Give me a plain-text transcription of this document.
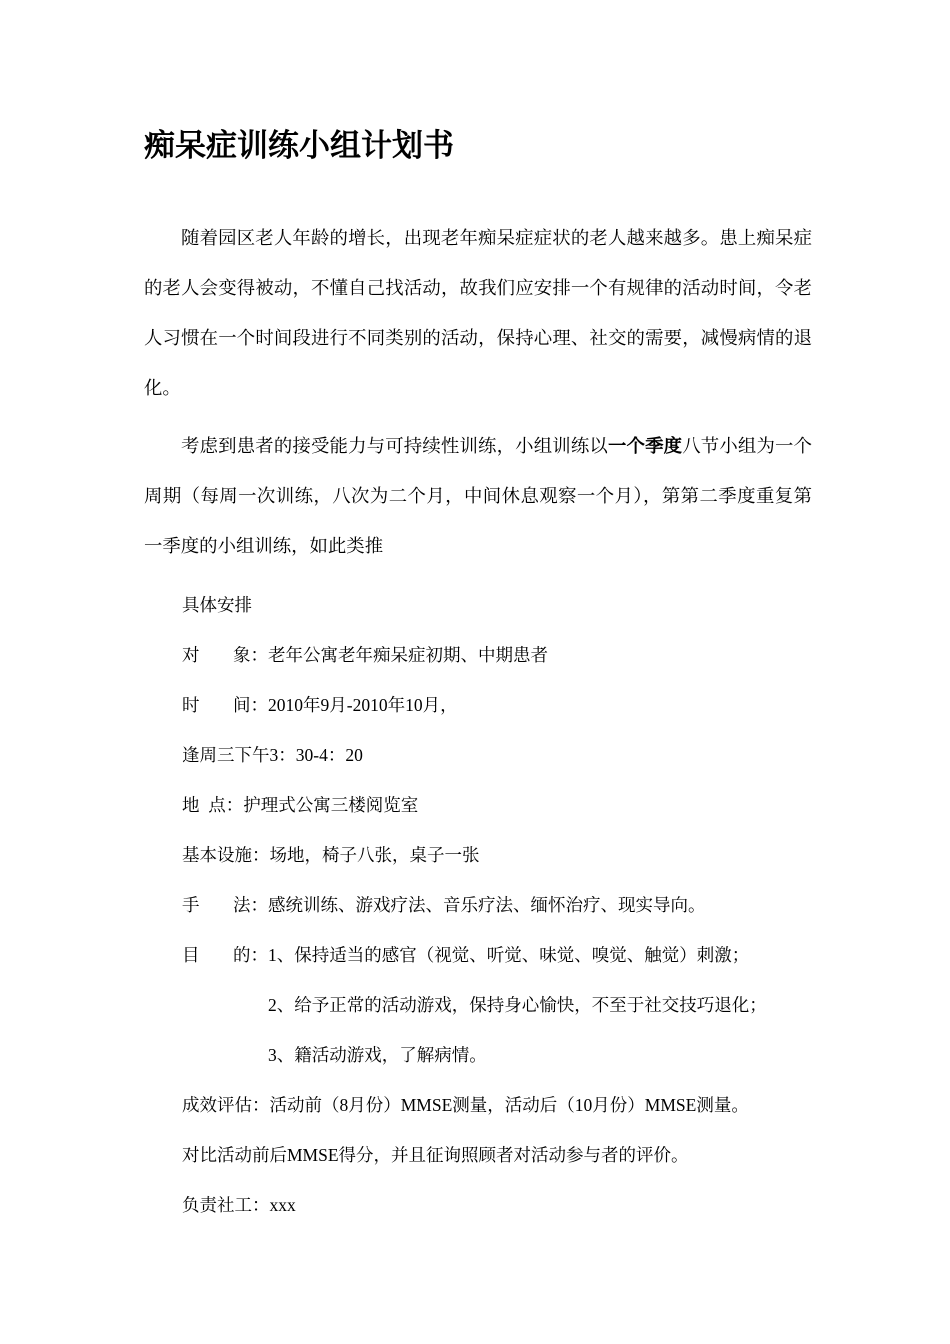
痴呆症训练小组计划书

随着园区老人年龄的增长，出现老年痴呆症症状的老人越来越多。患上痴呆症的老人会变得被动，不懂自己找活动，故我们应安排一个有规律的活动时间，令老人习惯在一个时间段进行不同类别的活动，保持心理、社交的需要，减慢病情的退化。

考虑到患者的接受能力与可持续性训练，小组训练以一个季度八节小组为一个周期（每周一次训练，八次为二个月，中间休息观察一个月），第第二季度重复第一季度的小组训练，如此类推

具体安排

对 象： 老年公寓老年痴呆症初期、中期患者

时 间： 2010年9月-2010年10月，

逢周三下午3：30-4：20

地  点：护理式公寓三楼阅览室

基本设施：场地，椅子八张，桌子一张

手 法： 感统训练、游戏疗法、音乐疗法、缅怀治疗、现实导向。

目 的： 1、保持适当的感官（视觉、听觉、味觉、嗅觉、触觉）刺激；

2、给予正常的活动游戏，保持身心愉快，不至于社交技巧退化；

3、籍活动游戏，了解病情。

成效评估：活动前（8月份）MMSE测量，活动后（10月份）MMSE测量。

对比活动前后MMSE得分，并且征询照顾者对活动参与者的评价。

负责社工：xxx
